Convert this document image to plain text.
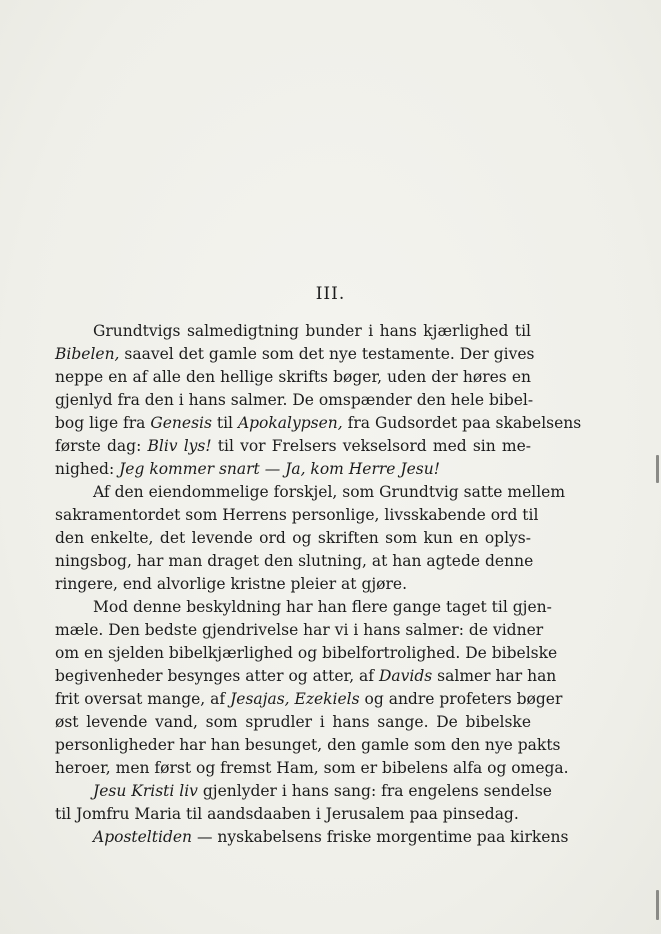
III.
Grundtvigs salmedigtning bunder i hans kjærlighed til
Bibelen, saavel det gamle som det nye testamente. Der gives
neppe en af alle den hellige skrifts bøger, uden der høres en
gjenlyd fra den i hans salmer. De omspænder den hele bibel-
bog lige fra Genesis til Apokalypsen, fra Gudsordet paa skabelsens
første dag: Bliv lys! til vor Frelsers vekselsord med sin me-
nighed: Jeg kommer snart — Ja, kom Herre Jesu!
Af den eiendommelige forskjel, som Grundtvig satte mellem
sakramentordet som Herrens personlige, livsskabende ord til
den enkelte, det levende ord og skriften som kun en oplys-
ningsbog, har man draget den slutning, at han agtede denne
ringere, end alvorlige kristne pleier at gjøre.
Mod denne beskyldning har han flere gange taget til gjen-
mæle. Den bedste gjendrivelse har vi i hans salmer: de vidner
om en sjelden bibelkjærlighed og bibelfortrolighed. De bibelske
begivenheder besynges atter og atter, af Davids salmer har han
frit oversat mange, af Jesajas, Ezekiels og andre profeters bøger
øst levende vand, som sprudler i hans sange. De bibelske
personligheder har han besunget, den gamle som den nye pakts
heroer, men først og fremst Ham, som er bibelens alfa og omega.
Jesu Kristi liv gjenlyder i hans sang: fra engelens sendelse
til Jomfru Maria til aandsdaaben i Jerusalem paa pinsedag.
Aposteltiden — nyskabelsens friske morgentime paa kirkens
